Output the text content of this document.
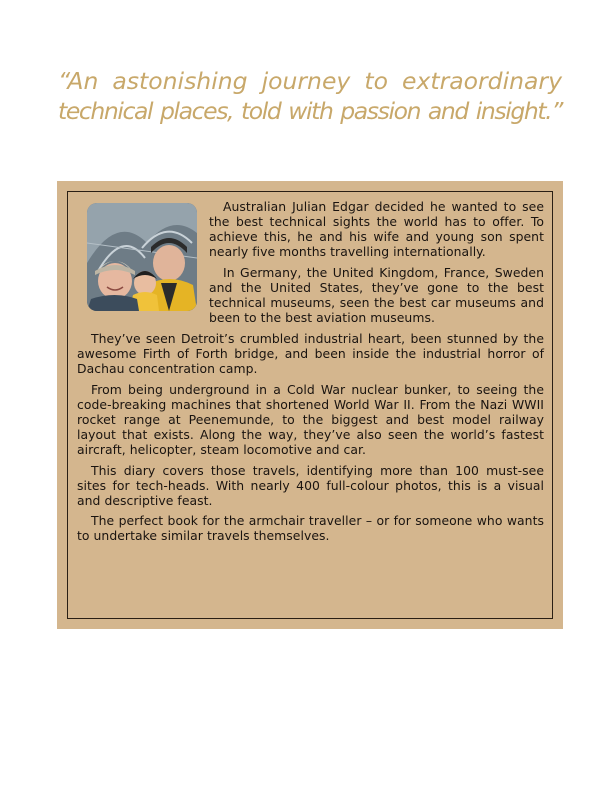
“An astonishing journey to extraordinary
technical places, told with passion and insight.”

Australian Julian Edgar decided he wanted to see the best technical sights the world has to offer. To achieve this, he and his wife and young son spent nearly five months travelling internationally.

In Germany, the United Kingdom, France, Sweden and the United States, they’ve gone to the best technical museums, seen the best car museums and been to the best aviation museums.

They’ve seen Detroit’s crumbled industrial heart, been stunned by the awesome Firth of Forth bridge, and been inside the industrial horror of Dachau concentration camp.

From being underground in a Cold War nuclear bunker, to seeing the code-breaking machines that shortened World War II. From the Nazi WWII rocket range at Peenemunde, to the biggest and best model railway layout that exists. Along the way, they’ve also seen the world’s fastest aircraft, helicopter, steam locomotive and car.

This diary covers those travels, identifying more than 100 must-see sites for tech-heads. With nearly 400 full-colour photos, this is a visual and descriptive feast.

The perfect book for the armchair traveller – or for someone who wants to undertake similar travels themselves.
